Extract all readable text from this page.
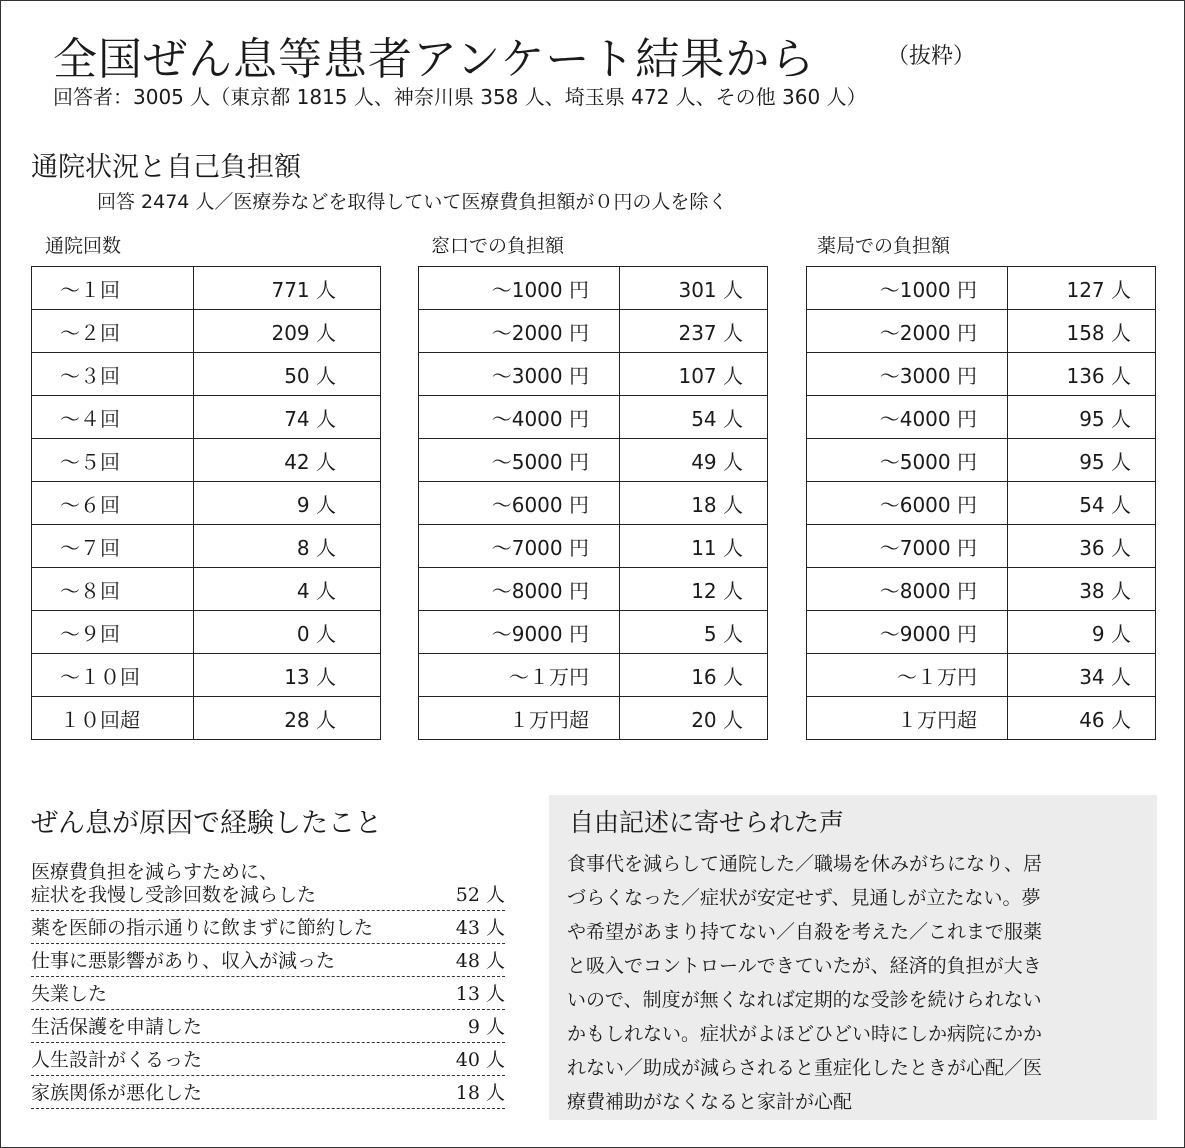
全国ぜん息等患者アンケート結果から	（抜粋）
回答者：3005 人（東京都 1815 人、神奈川県 358 人、埼玉県 472 人、その他 360 人）
通院状況と自己負担額
回答 2474 人／医療券などを取得していて医療費負担額が０円の人を除く
通院回数	窓口での負担額	薬局での負担額
～１回	771 人
～２回	209 人
～３回	50 人
～４回	74 人
～５回	42 人
～６回	9 人
～７回	8 人
～８回	4 人
～９回	0 人
～１０回	13 人
１０回超	28 人
～1000 円	301 人
～2000 円	237 人
～3000 円	107 人
～4000 円	54 人
～5000 円	49 人
～6000 円	18 人
～7000 円	11 人
～8000 円	12 人
～9000 円	5 人
～１万円	16 人
１万円超	20 人
～1000 円	127 人
～2000 円	158 人
～3000 円	136 人
～4000 円	95 人
～5000 円	95 人
～6000 円	54 人
～7000 円	36 人
～8000 円	38 人
～9000 円	9 人
～１万円	34 人
１万円超	46 人
ぜん息が原因で経験したこと
医療費負担を減らすために、
症状を我慢し受診回数を減らした	52 人
薬を医師の指示通りに飲まずに節約した	43 人
仕事に悪影響があり、収入が減った	48 人
失業した	13 人
生活保護を申請した	9 人
人生設計がくるった	40 人
家族関係が悪化した	18 人
自由記述に寄せられた声
食事代を減らして通院した／職場を休みがちになり、居
づらくなった／症状が安定せず、見通しが立たない。夢
や希望があまり持てない／自殺を考えた／これまで服薬
と吸入でコントロールできていたが、経済的負担が大き
いので、制度が無くなれば定期的な受診を続けられない
かもしれない。症状がよほどひどい時にしか病院にかか
れない／助成が減らされると重症化したときが心配／医
療費補助がなくなると家計が心配
